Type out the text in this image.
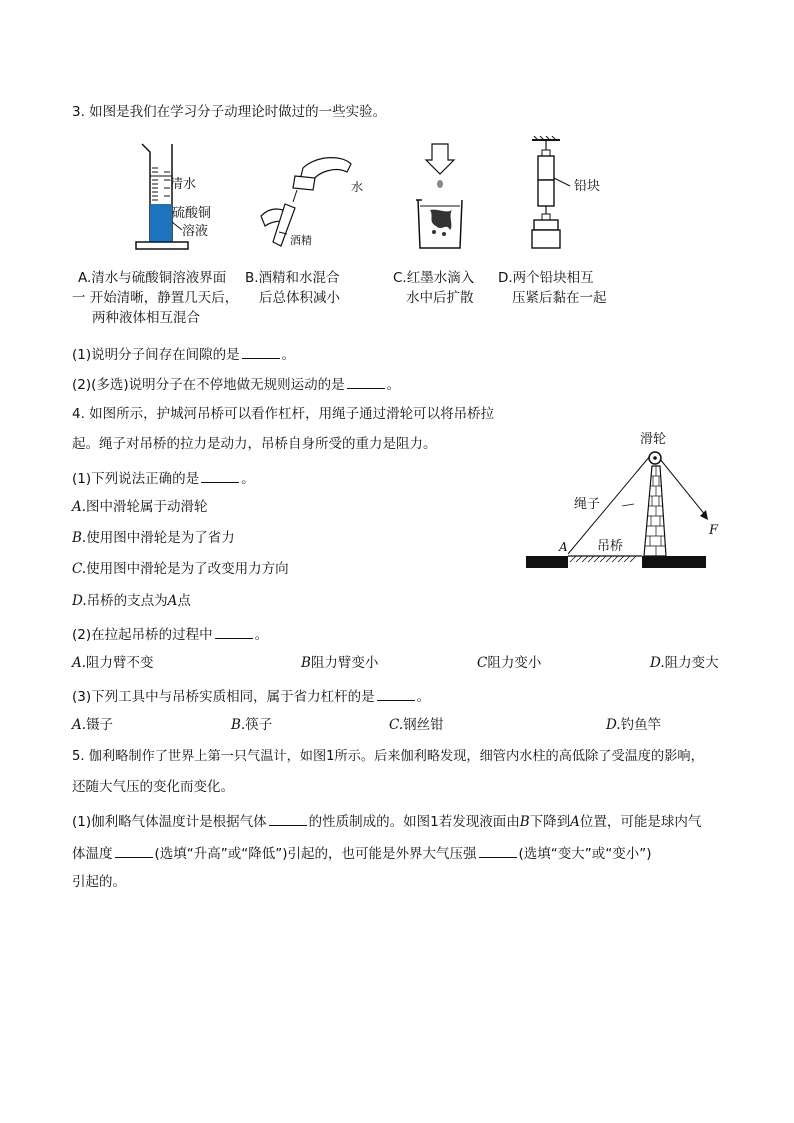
3. 如图是我们在学习分子动理论时做过的一些实验。
清水
硫酸铜
溶液
水
酒精
铅块
A.清水与硫酸铜溶液界面
一 开始清晰，静置几天后，
两种液体相互混合
B.酒精和水混合
后总体积减小
C.红墨水滴入
水中后扩散
D.两个铅块相互
压紧后黏在一起
(1)说明分子间存在间隙的是	。
(2)(多选)说明分子在不停地做无规则运动的是	。
4. 如图所示，护城河吊桥可以看作杠杆，用绳子通过滑轮可以将吊桥拉
起。绳子对吊桥的拉力是动力，吊桥自身所受的重力是阻力。
(1)下列说法正确的是	。
A.图中滑轮属于动滑轮
B.使用图中滑轮是为了省力
C.使用图中滑轮是为了改变用力方向
D.吊桥的支点为A点
滑轮
绳子
吊桥
A
F
(2)在拉起吊桥的过程中	。
A.阻力臂不变	B阻力臂变小	C阻力变小	D.阻力变大
(3)下列工具中与吊桥实质相同，属于省力杠杆的是	。
A.镊子	B.筷子	C.钢丝钳	D.钓鱼竿
5. 伽利略制作了世界上第一只气温计，如图1所示。后来伽利略发现，细管内水柱的高低除了受温度的影响，
还随大气压的变化而变化。
(1)伽利略气体温度计是根据气体	的性质制成的。如图1若发现液面由B下降到A位置，可能是球内气
体温度	(选填“升高”或“降低”)引起的，也可能是外界大气压强	(选填“变大”或“变小”)
引起的。
